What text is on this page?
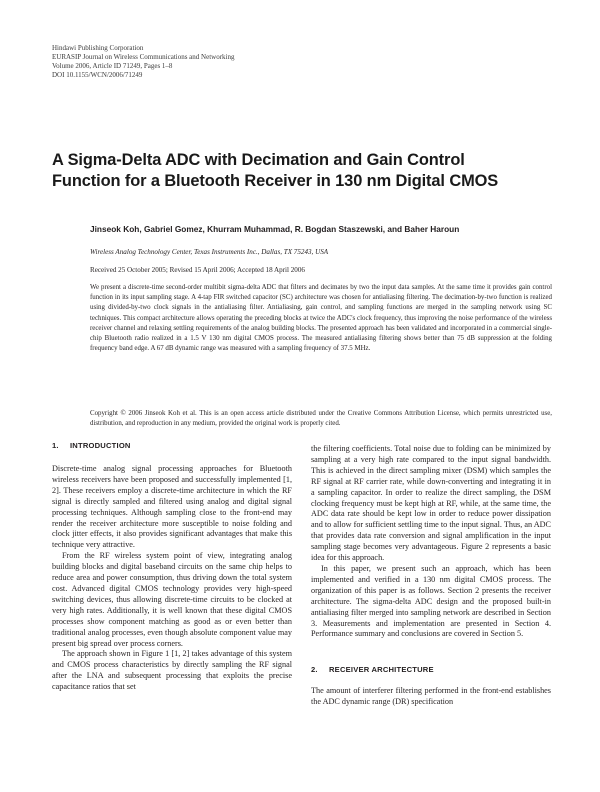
Hindawi Publishing Corporation
EURASIP Journal on Wireless Communications and Networking
Volume 2006, Article ID 71249, Pages 1–8
DOI 10.1155/WCN/2006/71249
A Sigma-Delta ADC with Decimation and Gain Control
Function for a Bluetooth Receiver in 130 nm Digital CMOS
Jinseok Koh, Gabriel Gomez, Khurram Muhammad, R. Bogdan Staszewski, and Baher Haroun
Wireless Analog Technology Center, Texas Instruments Inc., Dallas, TX 75243, USA
Received 25 October 2005; Revised 15 April 2006; Accepted 18 April 2006
We present a discrete-time second-order multibit sigma-delta ADC that filters and decimates by two the input data samples. At the same time it provides gain control function in its input sampling stage. A 4-tap FIR switched capacitor (SC) architecture was chosen for antialiasing filtering. The decimation-by-two function is realized using divided-by-two clock signals in the antialiasing filter. Antialiasing, gain control, and sampling functions are merged in the sampling network using SC techniques. This compact architecture allows operating the preceding blocks at twice the ADC's clock frequency, thus improving the noise performance of the wireless receiver channel and relaxing settling requirements of the analog building blocks. The presented approach has been validated and incorporated in a commercial single-chip Bluetooth radio realized in a 1.5 V 130 nm digital CMOS process. The measured antialiasing filtering shows better than 75 dB suppression at the folding frequency band edge. A 67 dB dynamic range was measured with a sampling frequency of 37.5 MHz.
Copyright © 2006 Jinseok Koh et al. This is an open access article distributed under the Creative Commons Attribution License, which permits unrestricted use, distribution, and reproduction in any medium, provided the original work is properly cited.
1. INTRODUCTION

Discrete-time analog signal processing approaches for Bluetooth wireless receivers have been proposed and successfully implemented [1, 2]. These receivers employ a discrete-time architecture in which the RF signal is directly sampled and filtered using analog and digital signal processing techniques. Although sampling close to the front-end may render the receiver architecture more susceptible to noise folding and clock jitter effects, it also provides significant advantages that make this technique very attractive.

From the RF wireless system point of view, integrating analog building blocks and digital baseband circuits on the same chip helps to reduce area and power consumption, thus driving down the total system cost. Advanced digital CMOS technology provides very high-speed switching devices, thus allowing discrete-time circuits to be clocked at very high rates. Additionally, it is well known that these digital CMOS processes show component matching as good as or even better than traditional analog processes, even though absolute component value may present big spread over process corners.

The approach shown in Figure 1 [1, 2] takes advantage of this system and CMOS process characteristics by directly sampling the RF signal after the LNA and subsequent processing that exploits the precise capacitance ratios that set

the filtering coefficients. Total noise due to folding can be minimized by sampling at a very high rate compared to the input signal bandwidth. This is achieved in the direct sampling mixer (DSM) which samples the RF signal at RF carrier rate, while down-converting and integrating it in a sampling capacitor. In order to realize the direct sampling, the DSM clocking frequency must be kept high at RF, while, at the same time, the ADC data rate should be kept low in order to reduce power dissipation and to allow for sufficient settling time to the input signal. Thus, an ADC that provides data rate conversion and signal amplification in the input sampling stage becomes very advantageous. Figure 2 represents a basic idea for this approach.

In this paper, we present such an approach, which has been implemented and verified in a 130 nm digital CMOS process. The organization of this paper is as follows. Section 2 presents the receiver architecture. The sigma-delta ADC design and the proposed built-in antialiasing filter merged into sampling network are described in Section 3. Measurements and implementation are presented in Section 4. Performance summary and conclusions are covered in Section 5.

2. RECEIVER ARCHITECTURE

The amount of interferer filtering performed in the front-end establishes the ADC dynamic range (DR) specification
